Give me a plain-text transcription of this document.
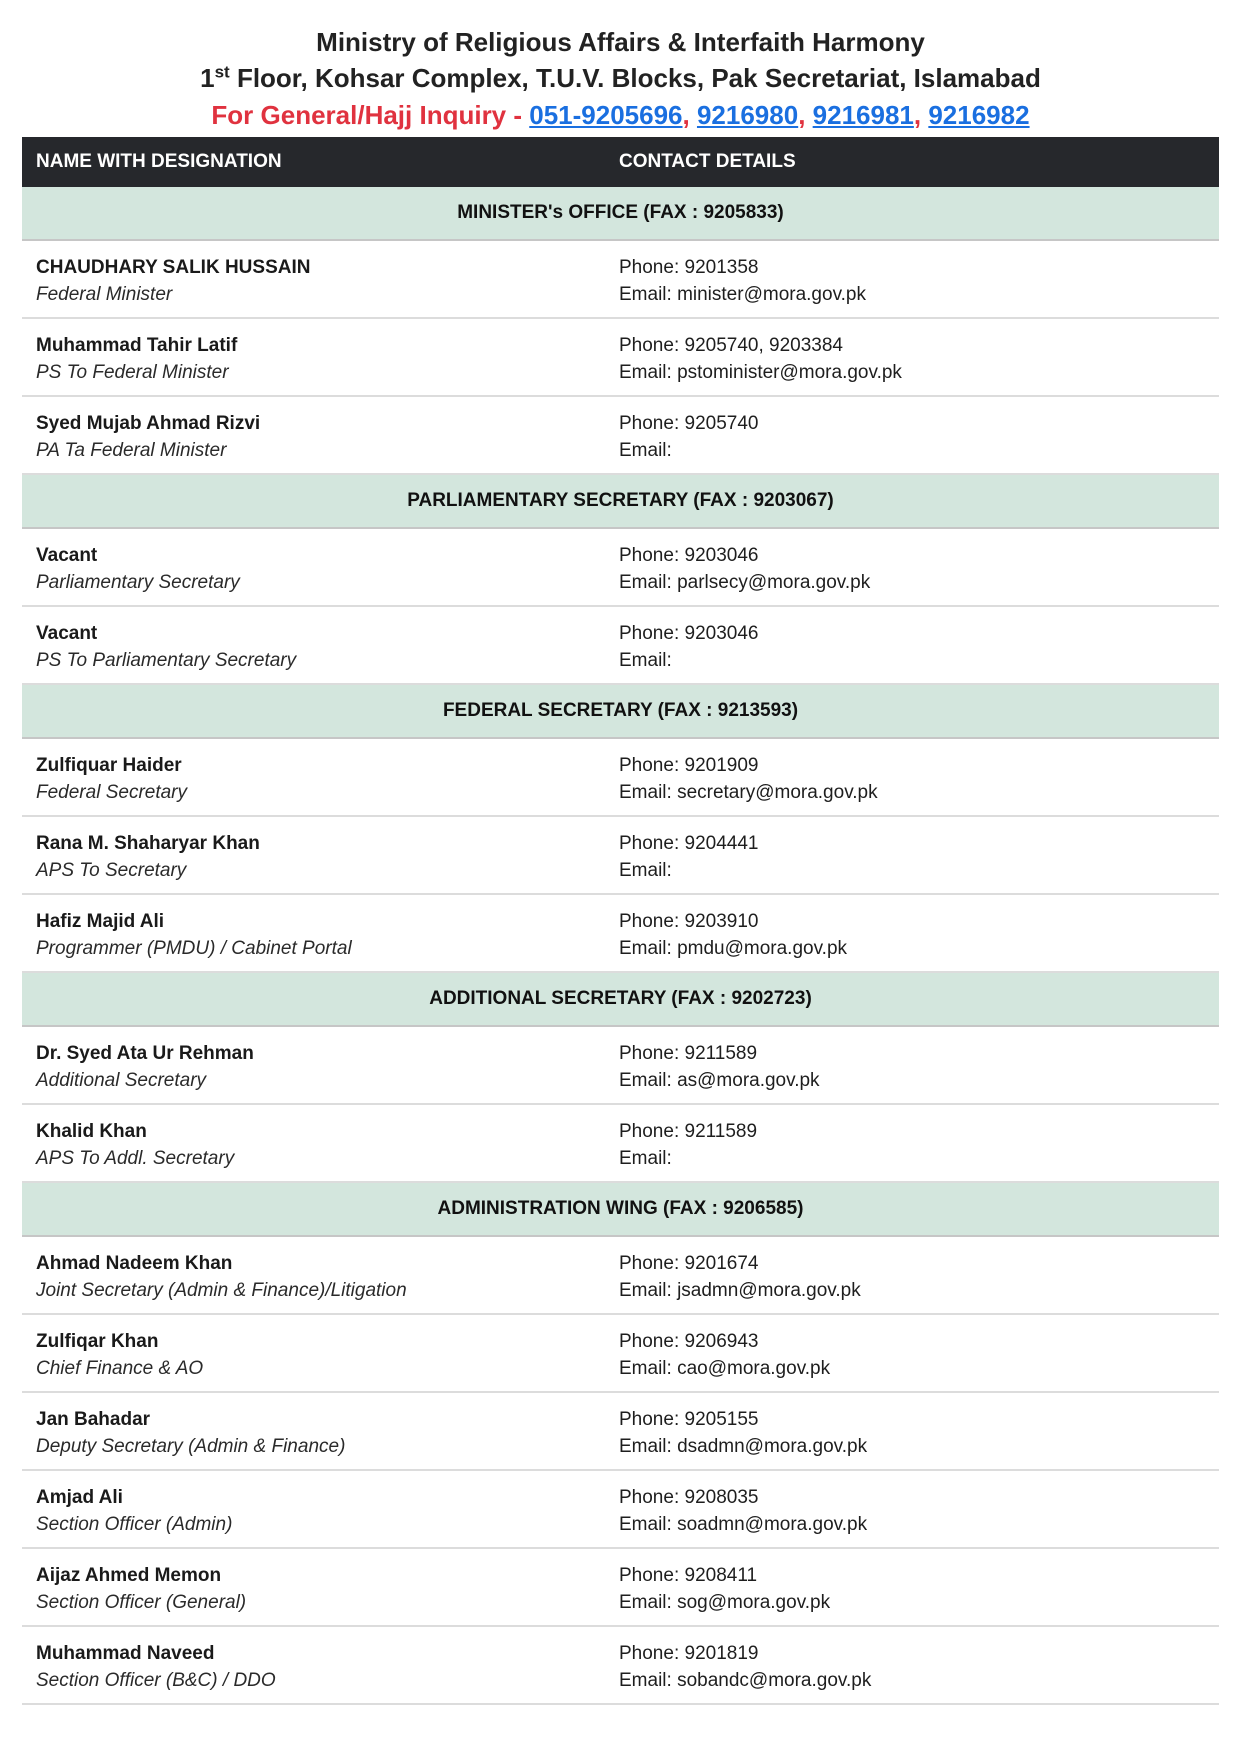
Ministry of Religious Affairs & Interfaith Harmony
1st Floor, Kohsar Complex, T.U.V. Blocks, Pak Secretariat, Islamabad
For General/Hajj Inquiry - 051-9205696, 9216980, 9216981, 9216982
NAME WITH DESIGNATION	CONTACT DETAILS
MINISTER's OFFICE (FAX : 9205833)
CHAUDHARY SALIK HUSSAIN
Federal Minister
Phone: 9201358
Email: minister@mora.gov.pk
Muhammad Tahir Latif
PS To Federal Minister
Phone: 9205740, 9203384
Email: pstominister@mora.gov.pk
Syed Mujab Ahmad Rizvi
PA Ta Federal Minister
Phone: 9205740
Email:
PARLIAMENTARY SECRETARY (FAX : 9203067)
Vacant
Parliamentary Secretary
Phone: 9203046
Email: parlsecy@mora.gov.pk
Vacant
PS To Parliamentary Secretary
Phone: 9203046
Email:
FEDERAL SECRETARY (FAX : 9213593)
Zulfiquar Haider
Federal Secretary
Phone: 9201909
Email: secretary@mora.gov.pk
Rana M. Shaharyar Khan
APS To Secretary
Phone: 9204441
Email:
Hafiz Majid Ali
Programmer (PMDU) / Cabinet Portal
Phone: 9203910
Email: pmdu@mora.gov.pk
ADDITIONAL SECRETARY (FAX : 9202723)
Dr. Syed Ata Ur Rehman
Additional Secretary
Phone: 9211589
Email: as@mora.gov.pk
Khalid Khan
APS To Addl. Secretary
Phone: 9211589
Email:
ADMINISTRATION WING (FAX : 9206585)
Ahmad Nadeem Khan
Joint Secretary (Admin & Finance)/Litigation
Phone: 9201674
Email: jsadmn@mora.gov.pk
Zulfiqar Khan
Chief Finance & AO
Phone: 9206943
Email: cao@mora.gov.pk
Jan Bahadar
Deputy Secretary (Admin & Finance)
Phone: 9205155
Email: dsadmn@mora.gov.pk
Amjad Ali
Section Officer (Admin)
Phone: 9208035
Email: soadmn@mora.gov.pk
Aijaz Ahmed Memon
Section Officer (General)
Phone: 9208411
Email: sog@mora.gov.pk
Muhammad Naveed
Section Officer (B&C) / DDO
Phone: 9201819
Email: sobandc@mora.gov.pk
